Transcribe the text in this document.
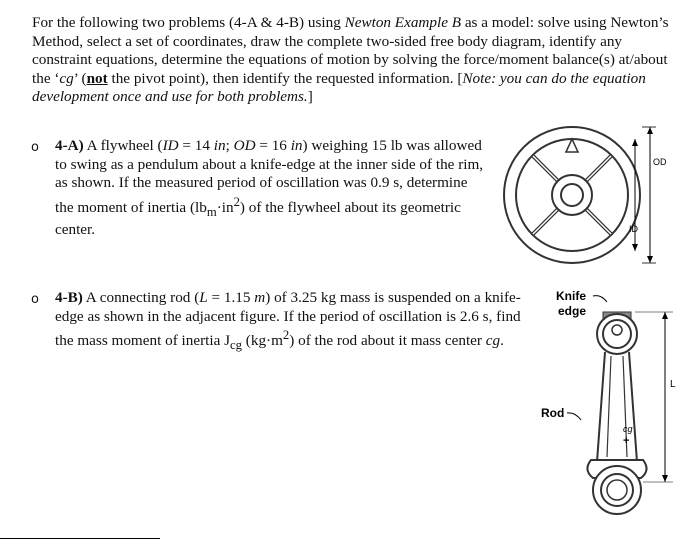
For the following two problems (4-A & 4-B) using Newton Example B as a model: solve using Newton’s Method, select a set of coordinates, draw the complete two-sided free body diagram, identify any constraint equations, determine the equations of motion by solving the force/moment balance(s) at/about the ‘cg’ (not the pivot point), then identify the requested information. [Note: you can do the equation development once and use for both problems.]

o 4-A) A flywheel (ID = 14 in; OD = 16 in) weighing 15 lb was allowed to swing as a pendulum about a knife-edge at the inner side of the rim, as shown. If the measured period of oscillation was 0.9 s, determine the moment of inertia $(lb_m\cdot in^2)$ of the flywheel about its geometric center.
o 4-B) A connecting rod (L = 1.15 m) of 3.25 kg mass is suspended on a knife-edge as shown in the adjacent figure. If the period of oscillation is 2.6 s, find the mass moment of inertia $J_{cg}$ $(kg\cdot m^2)$ of the rod about it mass center cg.
OD
ID
Knife
edge
cg
+
Rod
L
